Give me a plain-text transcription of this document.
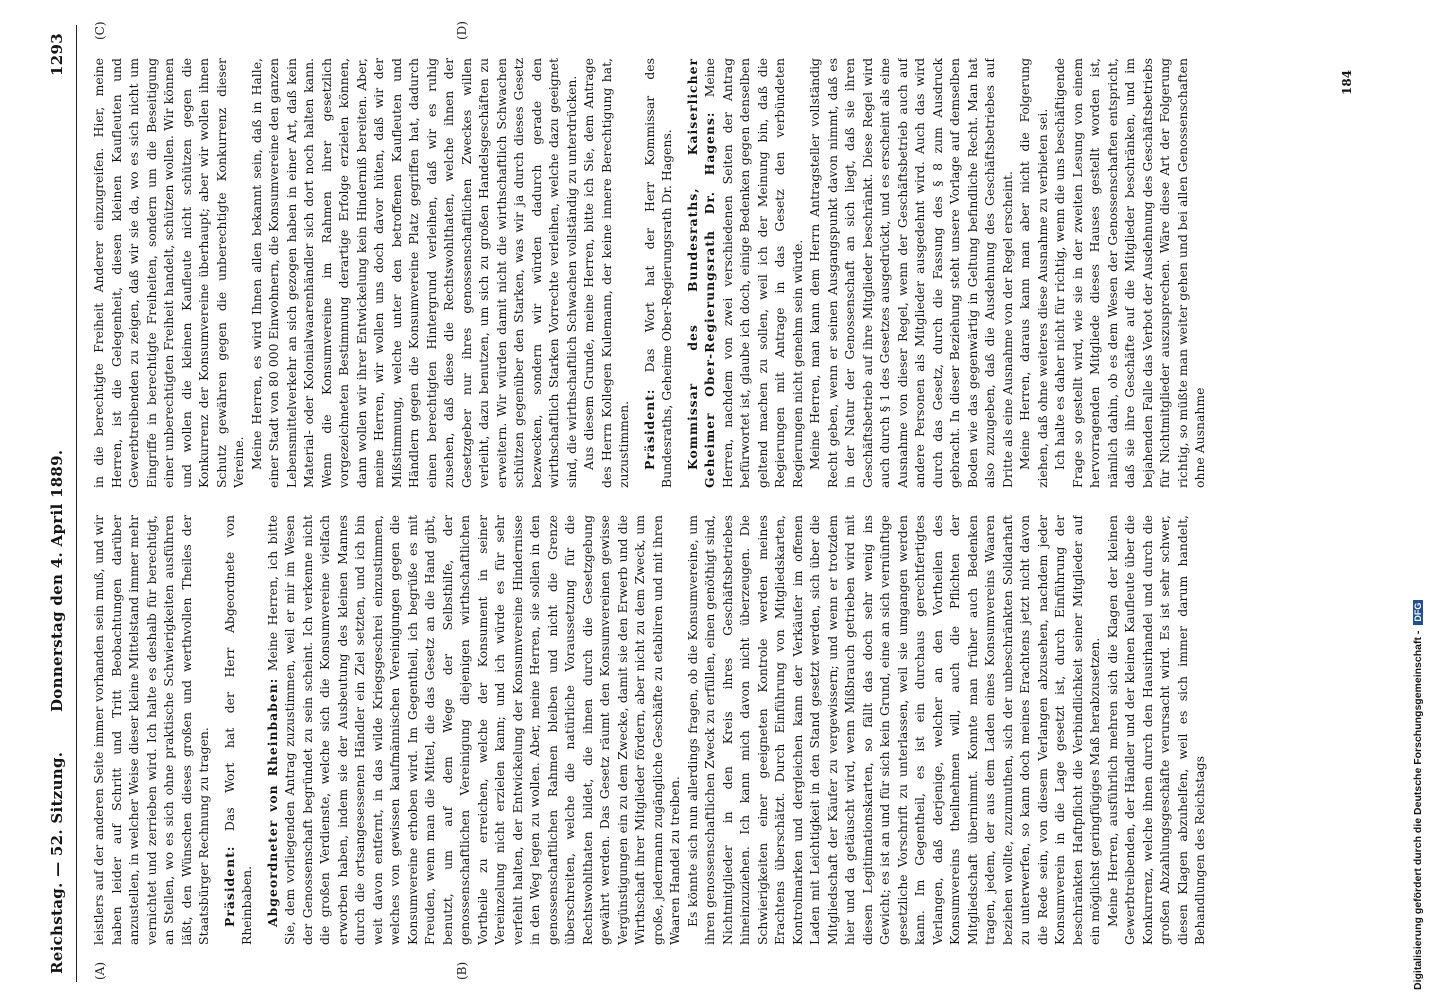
Reichstag. — 52. Sitzung.
Donnerstag den 4. April 1889.
1293
(A)	(B)
(C)	(D)

leistlers auf der anderen Seite immer vorhanden sein muß, und wir haben leider auf Schritt und Tritt Beobachtungen darüber anzustellen, in welcher Weise dieser kleine Mittelstand immer mehr vernichtet und zerrieben wird. Ich halte es deshalb für berechtigt, an Stellen, wo es sich ohne praktische Schwierigkeiten ausführen läßt, den Wünschen dieses großen und werthvollen Theiles der Staatsbürger Rechnung zu tragen. Präsident: Das Wort hat der Herr Abgeordnete von Rheinbaben. Abgeordneter von Rheinbaben: Meine Herren, ich bitte Sie, dem vorliegenden Antrag zuzustimmen, weil er mir im Wesen der Genossenschaft begründet zu sein scheint. Ich verkenne nicht die großen Verdienste, welche sich die Konsumvereine vielfach erworben haben, indem sie der Ausbeutung des kleinen Mannes durch die ortsangesessenen Händler ein Ziel setzten, und ich bin weit davon entfernt, in das wilde Kriegsgeschrei einzustimmen, welches von gewissen kaufmännischen Vereinigungen gegen die Konsumvereine erhoben wird. Im Gegentheil, ich begrüße es mit Freuden, wenn man die Mittel, die das Gesetz an die Hand gibt, benutzt, um auf dem Wege der Selbsthilfe, der genossenschaftlichen Vereinigung diejenigen wirthschaftlichen Vortheile zu erreichen, welche der Konsument in seiner Vereinzelung nicht erzielen kann; und ich würde es für sehr verfehlt halten, der Entwickelung der Konsumvereine Hindernisse in den Weg legen zu wollen. Aber, meine Herren, sie sollen in den genossenschaftlichen Rahmen bleiben und nicht die Grenze überschreiten, welche die natürliche Voraussetzung für die Rechtswohlthaten bildet, die ihnen durch die Gesetzgebung gewährt werden. Das Gesetz räumt den Konsumvereinen gewisse Vergünstigungen ein zu dem Zwecke, damit sie den Erwerb und die Wirthschaft ihrer Mitglieder fördern, aber nicht zu dem Zweck, um große, jedermann zugängliche Geschäfte zu etabliren und mit ihren Waaren Handel zu treiben. Es könnte sich nun allerdings fragen, ob die Konsumvereine, um ihren genossenschaftlichen Zweck zu erfüllen, einen genöthigt sind, Nichtmitglieder in den Kreis ihres Geschäftsbetriebes hineinzuziehen. Ich kann mich davon nicht überzeugen. Die Schwierigkeiten einer geeigneten Kontrole werden meines Erachtens überschätzt. Durch Einführung von Mitgliedskarten, Kontrolmarken und dergleichen kann der Verkäufer im offenen Laden mit Leichtigkeit in den Stand gesetzt werden, sich über die Mitgliedschaft der Käufer zu vergewissern; und wenn er trotzdem hier und da getäuscht wird, wenn Mißbrauch getrieben wird mit diesen Legitimationskarten, so fällt das doch sehr wenig ins Gewicht; es ist an und für sich kein Grund, eine an sich vernünftige gesetzliche Vorschrift zu unterlassen, weil sie umgangen werden kann. Im Gegentheil, es ist ein durchaus gerechtfertigtes Verlangen, daß derjenige, welcher an den Vortheilen des Konsumvereins theilnehmen will, auch die Pflichten der Mitgliedschaft übernimmt. Konnte man früher auch Bedenken tragen, jedem, der aus dem Laden eines Konsumvereins Waaren beziehen wollte, zuzumuthen, sich der unbeschränkten Solidarhaft zu unterwerfen, so kann doch meines Erachtens jetzt nicht davon die Rede sein, von diesem Verlangen abzusehen, nachdem jeder Konsumverein in die Lage gesetzt ist, durch Einführung der beschränkten Haftpflicht die Verbindlichkeit seiner Mitglieder auf ein möglichst geringfügiges Maß herabzusetzen. Meine Herren, ausführlich mehren sich die Klagen der kleinen Gewerbtreibenden, der Händler und der kleinen Kaufleute über die Konkurrenz, welche ihnen durch den Hausirhandel und durch die großen Abzahlungsgeschäfte verursacht wird. Es ist sehr schwer, diesen Klagen abzuhelfen, weil es sich immer darum handelt, Behandlungen des Reichstags

in die berechtigte Freiheit Anderer einzugreifen. Hier, meine Herren, ist die Gelegenheit, diesen kleinen Kaufleuten und Gewerbtreibenden zu zeigen, daß wir sie da, wo es sich nicht um Eingriffe in berechtigte Freiheiten, sondern um die Beseitigung einer unberechtigten Freiheit handelt, schützen wollen. Wir können und wollen die kleinen Kaufleute nicht schützen gegen die Konkurrenz der Konsumvereine überhaupt; aber wir wollen ihnen Schutz gewähren gegen die unberechtigte Konkurrenz dieser Vereine. Meine Herren, es wird Ihnen allen bekannt sein, daß in Halle, einer Stadt von 80 000 Einwohnern, die Konsumvereine den ganzen Lebensmittelverkehr an sich gezogen haben in einer Art, daß kein Material- oder Kolonialwaarenhändler sich dort noch halten kann. Wenn die Konsumvereine im Rahmen ihrer gesetzlich vorgezeichneten Bestimmung derartige Erfolge erzielen können, dann wollen wir ihrer Entwickelung kein Hinderniß bereiten. Aber, meine Herren, wir wollen uns doch davor hüten, daß wir der Mißstimmung, welche unter den betroffenen Kaufleuten und Händlern gegen die Konsumvereine Platz gegriffen hat, dadurch einen berechtigten Hintergrund verleihen, daß wir es ruhig zusehen, daß diese die Rechtswohlthaten, welche ihnen der Gesetzgeber nur ihres genossenschaftlichen Zweckes willen verleiht, dazu benutzen, um sich zu großen Handelsgeschäften zu erweitern. Wir würden damit nicht die wirthschaftlich Schwachen schützen gegenüber den Starken, was wir ja durch dieses Gesetz bezwecken, sondern wir würden dadurch gerade den wirthschaftlich Starken Vorrechte verleihen, welche dazu geeignet sind, die wirthschaftlich Schwachen vollständig zu unterdrücken. Aus diesem Grunde, meine Herren, bitte ich Sie, dem Antrage des Herrn Kollegen Kulemann, der keine innere Berechtigung hat, zuzustimmen. Präsident: Das Wort hat der Herr Kommissar des Bundesraths, Geheime Ober-Regierungsrath Dr. Hagens. Kommissar des Bundesraths, Kaiserlicher Geheimer Ober-Regierungsrath Dr. Hagens: Meine Herren, nachdem von zwei verschiedenen Seiten der Antrag befürwortet ist, glaube ich doch, einige Bedenken gegen denselben geltend machen zu sollen, weil ich der Meinung bin, daß die Regierungen mit Antrage in das Gesetz den verbündeten Regierungen nicht genehm sein würde. Meine Herren, man kann dem Herrn Antragsteller vollständig Recht geben, wenn er seinen Ausgangspunkt davon nimmt, daß es in der Natur der Genossenschaft an sich liegt, daß sie ihren Geschäftsbetrieb auf ihre Mitglieder beschränkt. Diese Regel wird auch durch § 1 des Gesetzes ausgedrückt, und es erscheint als eine Ausnahme von dieser Regel, wenn der Geschäftsbetrieb auch auf andere Personen als Mitglieder ausgedehnt wird. Auch das wird durch das Gesetz, durch die Fassung des § 8 zum Ausdruck gebracht. In dieser Beziehung steht unsere Vorlage auf demselben Boden wie das gegenwärtig in Geltung befindliche Recht. Man hat also zuzugeben, daß die Ausdehnung des Geschäftsbetriebes auf Dritte als eine Ausnahme von der Regel erscheint. Meine Herren, daraus kann man aber nicht die Folgerung ziehen, daß ohne weiteres diese Ausnahme zu verbieten sei. Ich halte es daher nicht für richtig, wenn die uns beschäftigende Frage so gestellt wird, wie sie in der zweiten Lesung von einem hervorragenden Mitgliede dieses Hauses gestellt worden ist, nämlich dahin, ob es dem Wesen der Genossenschaften entspricht, daß sie ihre Geschäfte auf die Mitglieder beschränken, und im bejahenden Falle das Verbot der Ausdehnung des Geschäftsbetriebs für Nichtmitglieder auszusprechen. Wäre diese Art der Folgerung richtig, so müßte man weiter gehen und bei allen Genossenschaften ohne Ausnahme

184
Digitalisierung gefördert durch die Deutsche Forschungsgemeinschaft -DFG
